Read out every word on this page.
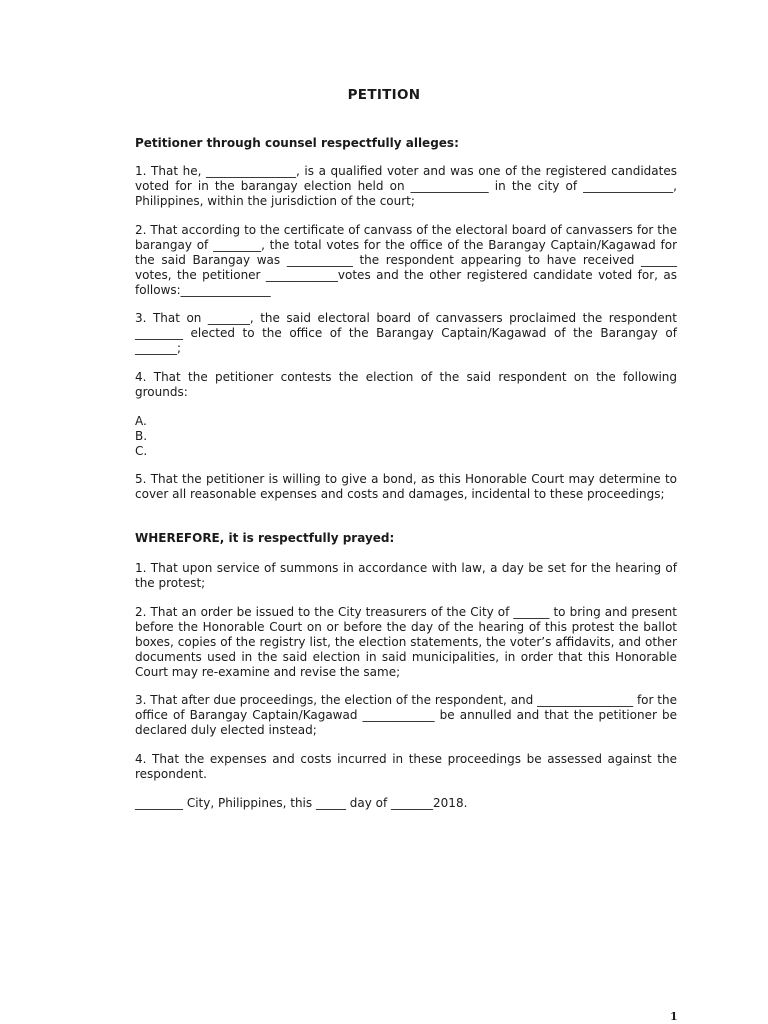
PETITION
Petitioner through counsel respectfully alleges:
1. That he, _______________, is a qualified voter and was one of the registered candidates voted for in the barangay election held on _____________ in the city of _______________, Philippines, within the jurisdiction of the court;
2. That according to the certificate of canvass of the electoral board of canvassers for the barangay of ________, the total votes for the office of the Barangay Captain/Kagawad for the said Barangay was ___________ the respondent appearing to have received ______ votes, the petitioner ____________votes and the other registered candidate voted for, as follows:_______________
3. That on _______, the said electoral board of canvassers proclaimed the respondent ________ elected to the office of the Barangay Captain/Kagawad of the Barangay of _______;
4. That the petitioner contests the election of the said respondent on the following grounds:
A.
B.
C.
5. That the petitioner is willing to give a bond, as this Honorable Court may determine to cover all reasonable expenses and costs and damages, incidental to these proceedings;
WHEREFORE, it is respectfully prayed:
1. That upon service of summons in accordance with law, a day be set for the hearing of the protest;
2. That an order be issued to the City treasurers of the City of ______ to bring and present before the Honorable Court on or before the day of the hearing of this protest the ballot boxes, copies of the registry list, the election statements, the voter’s affidavits, and other documents used in the said election in said municipalities, in order that this Honorable Court may re-examine and revise the same;
3. That after due proceedings, the election of the respondent, and ________________ for the office of Barangay Captain/Kagawad ____________ be annulled and that the petitioner be declared duly elected instead;
4. That the expenses and costs incurred in these proceedings be assessed against the respondent.
________ City, Philippines, this _____ day of _______2018.
1
